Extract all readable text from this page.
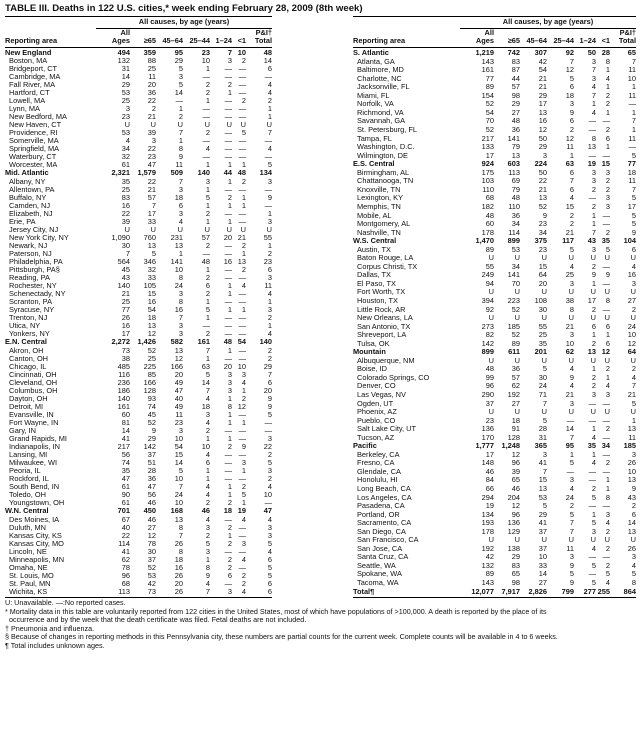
TABLE III. Deaths in 122 U.S. cities,* week ending February 28, 2009 (8th week)
	All causes, by age (years)						
	All						P&I†
Reporting area	Ages	≥65	45–64	25–44	1–24	<1	Total
New England	494	359	95	23	7	10	48
Boston, MA	132	88	29	10	3	2	14
Bridgeport, CT	31	25	5	1	—	—	6
Cambridge, MA	14	11	3	—	—	—	—
Fall River, MA	29	20	5	2	2	—	4
Hartford, CT	53	36	14	2	1	—	4
Lowell, MA	25	22	—	1	—	2	2
Lynn, MA	3	2	1	—	—	—	1
New Bedford, MA	23	21	2	—	—	—	1
New Haven, CT	U	U	U	U	U	U	U
Providence, RI	53	39	7	2	—	5	7
Somerville, MA	4	3	1	—	—	—	—
Springfield, MA	34	22	8	4	—	—	4
Waterbury, CT	32	23	9	—	—	—	—
Worcester, MA	61	47	11	1	1	1	5
Mid. Atlantic	2,321	1,579	509	140	44	48	134
Albany, NY	35	22	7	3	1	2	3
Allentown, PA	25	21	3	1	—	—	—
Buffalo, NY	83	57	18	5	2	1	9
Camden, NJ	16	7	6	1	1	1	—
Elizabeth, NJ	22	17	3	2	—	—	1
Erie, PA	39	33	4	1	1	—	3
Jersey City, NJ	U	U	U	U	U	U	U
New York City, NY	1,090	760	231	57	20	21	55
Newark, NJ	30	13	13	2	—	2	1
Paterson, NJ	7	5	1	—	—	1	2
Philadelphia, PA	564	346	141	48	16	13	23
Pittsburgh, PA§	45	32	10	1	—	2	6
Reading, PA	43	33	8	2	—	—	3
Rochester, NY	140	105	24	6	1	4	11
Schenectady, NY	21	15	3	2	1	—	4
Scranton, PA	25	16	8	1	—	—	1
Syracuse, NY	77	54	16	5	1	1	3
Trenton, NJ	26	18	7	1	—	—	2
Utica, NY	16	13	3	—	—	—	1
Yonkers, NY	17	12	3	2	—	—	4
E.N. Central	2,272	1,426	582	161	48	54	140
Akron, OH	73	52	13	7	1	—	2
Canton, OH	38	25	12	1	—	—	2
Chicago, IL	485	225	166	63	20	10	29
Cincinnati, OH	116	85	20	5	3	3	7
Cleveland, OH	236	166	49	14	3	4	6
Columbus, OH	186	128	47	7	3	1	20
Dayton, OH	140	93	40	4	1	2	9
Detroit, MI	161	74	49	18	8	12	9
Evansville, IN	60	45	11	3	1	—	5
Fort Wayne, IN	81	52	23	4	1	1	—
Gary, IN	14	9	3	2	—	—	—
Grand Rapids, MI	41	29	10	1	1	—	3
Indianapolis, IN	217	142	54	10	2	9	22
Lansing, MI	56	37	15	4	—	—	2
Milwaukee, WI	74	51	14	6	—	3	5
Peoria, IL	35	28	5	1	—	1	3
Rockford, IL	47	36	10	1	—	—	2
South Bend, IN	61	47	7	4	1	2	4
Toledo, OH	90	56	24	4	1	5	10
Youngstown, OH	61	46	10	2	2	1	—
W.N. Central	701	450	168	46	18	19	47
Des Moines, IA	67	46	13	4	—	4	4
Duluth, MN	40	27	8	3	2	—	3
Kansas City, KS	22	12	7	2	1	—	3
Kansas City, MO	114	78	26	5	2	3	5
Lincoln, NE	41	30	8	3	—	—	4
Minneapolis, MN	62	37	18	1	2	4	6
Omaha, NE	78	52	16	8	2	—	5
St. Louis, MO	96	53	26	9	6	2	5
St. Paul, MN	68	42	20	4	—	2	6
Wichita, KS	113	73	26	7	3	4	6

	All causes, by age (years)						
	All						P&I†
Reporting area	Ages	≥65	45–64	25–44	1–24	<1	Total
S. Atlantic	1,219	742	307	92	50	28	65
Atlanta, GA	143	83	42	7	3	8	7
Baltimore, MD	161	87	54	12	7	1	11
Charlotte, NC	77	44	21	5	3	4	10
Jacksonville, FL	89	57	21	6	4	1	1
Miami, FL	154	98	29	18	7	2	11
Norfolk, VA	52	29	17	3	1	2	—
Richmond, VA	54	27	13	9	4	1	1
Savannah, GA	70	48	16	6	—	—	7
St. Petersburg, FL	52	36	12	2	—	2	1
Tampa, FL	217	141	50	12	8	6	11
Washington, D.C.	133	79	29	11	13	1	—
Wilmington, DE	17	13	3	1	—	—	5
E.S. Central	924	603	224	63	19	15	77
Birmingham, AL	175	113	50	6	3	3	18
Chattanooga, TN	103	69	22	7	3	2	11
Knoxville, TN	110	79	21	6	2	2	7
Lexington, KY	68	48	13	4	—	3	5
Memphis, TN	182	110	52	15	2	3	17
Mobile, AL	48	36	9	2	1	—	5
Montgomery, AL	60	34	23	2	1	—	5
Nashville, TN	178	114	34	21	7	2	9
W.S. Central	1,470	899	375	117	43	35	104
Austin, TX	89	53	23	5	3	5	6
Baton Rouge, LA	U	U	U	U	U	U	U
Corpus Christi, TX	55	34	15	4	2	—	4
Dallas, TX	249	141	64	25	9	9	16
El Paso, TX	94	70	20	3	1	—	3
Fort Worth, TX	U	U	U	U	U	U	U
Houston, TX	394	223	108	38	17	8	27
Little Rock, AR	92	52	30	8	2	—	2
New Orleans, LA	U	U	U	U	U	U	U
San Antonio, TX	273	185	55	21	6	6	24
Shreveport, LA	82	52	25	3	1	1	10
Tulsa, OK	142	89	35	10	2	6	12
Mountain	899	611	201	62	13	12	64
Albuquerque, NM	U	U	U	U	U	U	U
Boise, ID	48	36	5	4	1	2	2
Colorado Springs, CO	99	57	30	9	2	1	4
Denver, CO	96	62	24	4	2	4	7
Las Vegas, NV	290	192	71	21	3	3	21
Ogden, UT	37	27	7	3	—	—	5
Phoenix, AZ	U	U	U	U	U	U	U
Pueblo, CO	23	18	5	—	—	—	1
Salt Lake City, UT	136	91	28	14	1	2	13
Tucson, AZ	170	128	31	7	4	—	11
Pacific	1,777	1,248	365	95	35	34	185
Berkeley, CA	17	12	3	1	1	—	3
Fresno, CA	148	96	41	5	4	2	26
Glendale, CA	46	39	7	—	—	—	10
Honolulu, HI	84	65	15	3	—	1	13
Long Beach, CA	66	46	13	4	2	1	9
Los Angeles, CA	294	204	53	24	5	8	43
Pasadena, CA	19	12	5	2	—	—	2
Portland, OR	134	96	29	5	1	3	6
Sacramento, CA	193	136	41	7	5	4	14
San Diego, CA	178	129	37	7	3	2	13
San Francisco, CA	U	U	U	U	U	U	U
San Jose, CA	192	138	37	11	4	2	26
Santa Cruz, CA	42	29	10	3	—	—	3
Seattle, WA	132	83	33	9	5	2	4
Spokane, WA	89	65	14	5	—	5	5
Tacoma, WA	143	98	27	9	5	4	8
Total¶	12,077	7,917	2,826	799	277	255	864

U: Unavailable. —:No reported cases.
* Mortality data in this table are voluntarily reported from 122 cities in the United States, most of which have populations of >100,000. A death is reported by the place of its
occurrence and by the week that the death certificate was filed. Fetal deaths are not included.
† Pneumonia and influenza.
§ Because of changes in reporting methods in this Pennsylvania city, these numbers are partial counts for the current week. Complete counts will be available in 4 to 6 weeks.
¶ Total includes unknown ages.
